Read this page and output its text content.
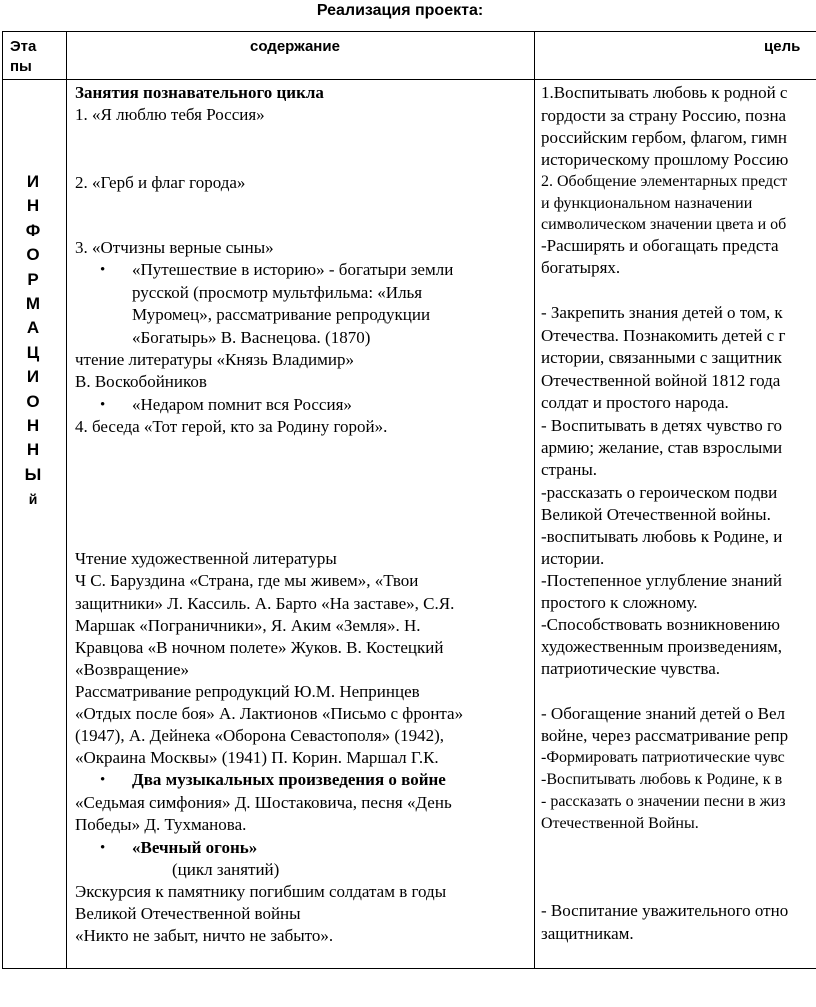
Реализация проекта:
Эта
пы
содержание	цель
И
Н
Ф
О
Р
М
А
Ц
И
О
Н
Н
Ы
й
Занятия познавательного цикла
1. «Я люблю тебя Россия»
2. «Герб и флаг города»
3. «Отчизны верные сыны»
• «Путешествие в историю» - богатыри земли
русской (просмотр мультфильма: «Илья
Муромец», рассматривание репродукции
«Богатырь» В. Васнецова. (1870)
чтение литературы «Князь Владимир»
В. Воскобойников
• «Недаром помнит вся Россия»
4. беседа «Тот герой, кто за Родину горой».
Чтение художественной литературы
Ч С. Баруздина «Страна, где мы живем», «Твои
защитники» Л. Кассиль. А. Барто «На заставе», С.Я.
Маршак «Пограничники», Я. Аким «Земля». Н.
Кравцова «В ночном полете» Жуков. В. Костецкий
«Возвращение»
Рассматривание репродукций Ю.М. Непринцев
«Отдых после боя» А. Лактионов «Письмо с фронта»
(1947), А. Дейнека «Оборона Севастополя» (1942),
«Окраина Москвы» (1941) П. Корин. Маршал Г.К.
• Два музыкальных произведения о войне
«Седьмая симфония» Д. Шостаковича, песня «День
Победы» Д. Тухманова.
• «Вечный огонь»
(цикл занятий)
Экскурсия к памятнику погибшим солдатам в годы
Великой Отечественной войны
«Никто не забыт, ничто не забыто».
1.Воспитывать любовь к родной с
гордости за страну Россию, позна
российским гербом, флагом, гимн
историческому прошлому Россию
2. Обобщение элементарных предст
и функциональном назначении
символическом значении цвета и об
-Расширять и обогащать предста
богатырях.
- Закрепить знания детей о том, к
Отечества. Познакомить детей с г
истории, связанными с защитник
Отечественной войной 1812 года
солдат и простого народа.
- Воспитывать в детях чувство го
армию; желание, став взрослыми
страны.
-рассказать о героическом подви
Великой Отечественной войны.
-воспитывать любовь к Родине, и
истории.
-Постепенное углубление знаний
простого к сложному.
-Способствовать возникновению
художественным произведениям,
патриотические чувства.
- Обогащение знаний детей о Вел
войне, через рассматривание репр
-Формировать патриотические чувс
-Воспитывать любовь к Родине, к в
- рассказать о значении песни в жиз
Отечественной Войны.
- Воспитание уважительного отно
защитникам.
